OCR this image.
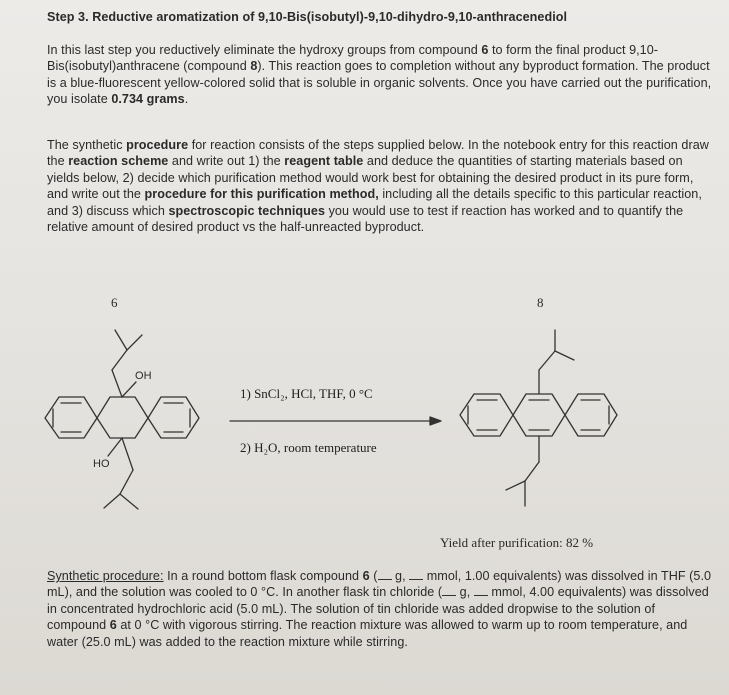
Step 3. Reductive aromatization of 9,10-Bis(isobutyl)-9,10-dihydro-9,10-anthracenediol
In this last step you reductively eliminate the hydroxy groups from compound 6 to form the final product 9,10-Bis(isobutyl)anthracene (compound 8). This reaction goes to completion without any byproduct formation. The product is a blue-fluorescent yellow-colored solid that is soluble in organic solvents. Once you have carried out the purification, you isolate 0.734 grams.
The synthetic procedure for reaction consists of the steps supplied below. In the notebook entry for this reaction draw the reaction scheme and write out 1) the reagent table and deduce the quantities of starting materials based on yields below, 2) decide which purification method would work best for obtaining the desired product in its pure form, and write out the procedure for this purification method, including all the details specific to this particular reaction, and 3) discuss which spectroscopic techniques you would use to test if reaction has worked and to quantify the relative amount of desired product vs the half-unreacted byproduct.
6	8
OH
HO
1) SnCl₂, HCl, THF, 0 °C
2) H₂O, room temperature
Yield after purification: 82 %
Synthetic procedure: In a round bottom flask compound 6 ( g,  mmol, 1.00 equivalents) was dissolved in THF (5.0 mL), and the solution was cooled to 0 °C. In another flask tin chloride ( g,  mmol, 4.00 equivalents) was dissolved in concentrated hydrochloric acid (5.0 mL). The solution of tin chloride was added dropwise to the solution of compound 6 at 0 °C with vigorous stirring. The reaction mixture was allowed to warm up to room temperature, and water (25.0 mL) was added to the reaction mixture while stirring.
